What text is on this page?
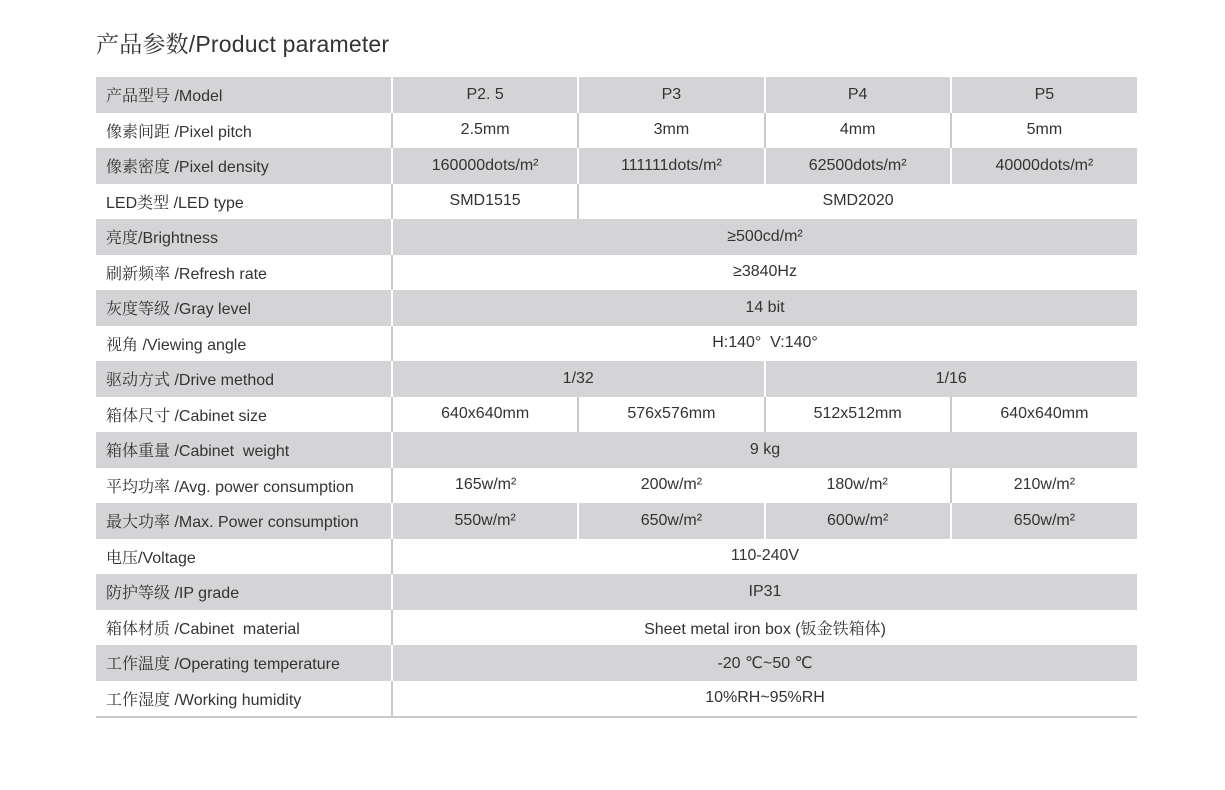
产品参数/Product parameter
产品型号 /Model	P2. 5	P3	P4	P5
像素间距 /Pixel pitch	2.5mm	3mm	4mm	5mm
像素密度 /Pixel density	160000dots/m²	111111dots/m²	62500dots/m²	40000dots/m²
LED类型 /LED type	SMD1515	SMD2020		
亮度/Brightness	≥500cd/m²			
刷新频率 /Refresh rate	≥3840Hz			
灰度等级 /Gray level	14 bit			
视角 /Viewing angle	H:140°  V:140°			
驱动方式 /Drive method	1/32		1/16	
箱体尺寸 /Cabinet size	640x640mm	576x576mm	512x512mm	640x640mm
箱体重量 /Cabinet  weight	9 kg			
平均功率 /Avg. power consumption	165w/m²	200w/m²	180w/m²	210w/m²
最大功率 /Max. Power consumption	550w/m²	650w/m²	600w/m²	650w/m²
电压/Voltage	110-240V			
防护等级 /IP grade	IP31			
箱体材质 /Cabinet  material	Sheet metal iron box (钣金铁箱体)			
工作温度 /Operating temperature	-20 ℃~50 ℃			
工作湿度 /Working humidity	10%RH~95%RH			
